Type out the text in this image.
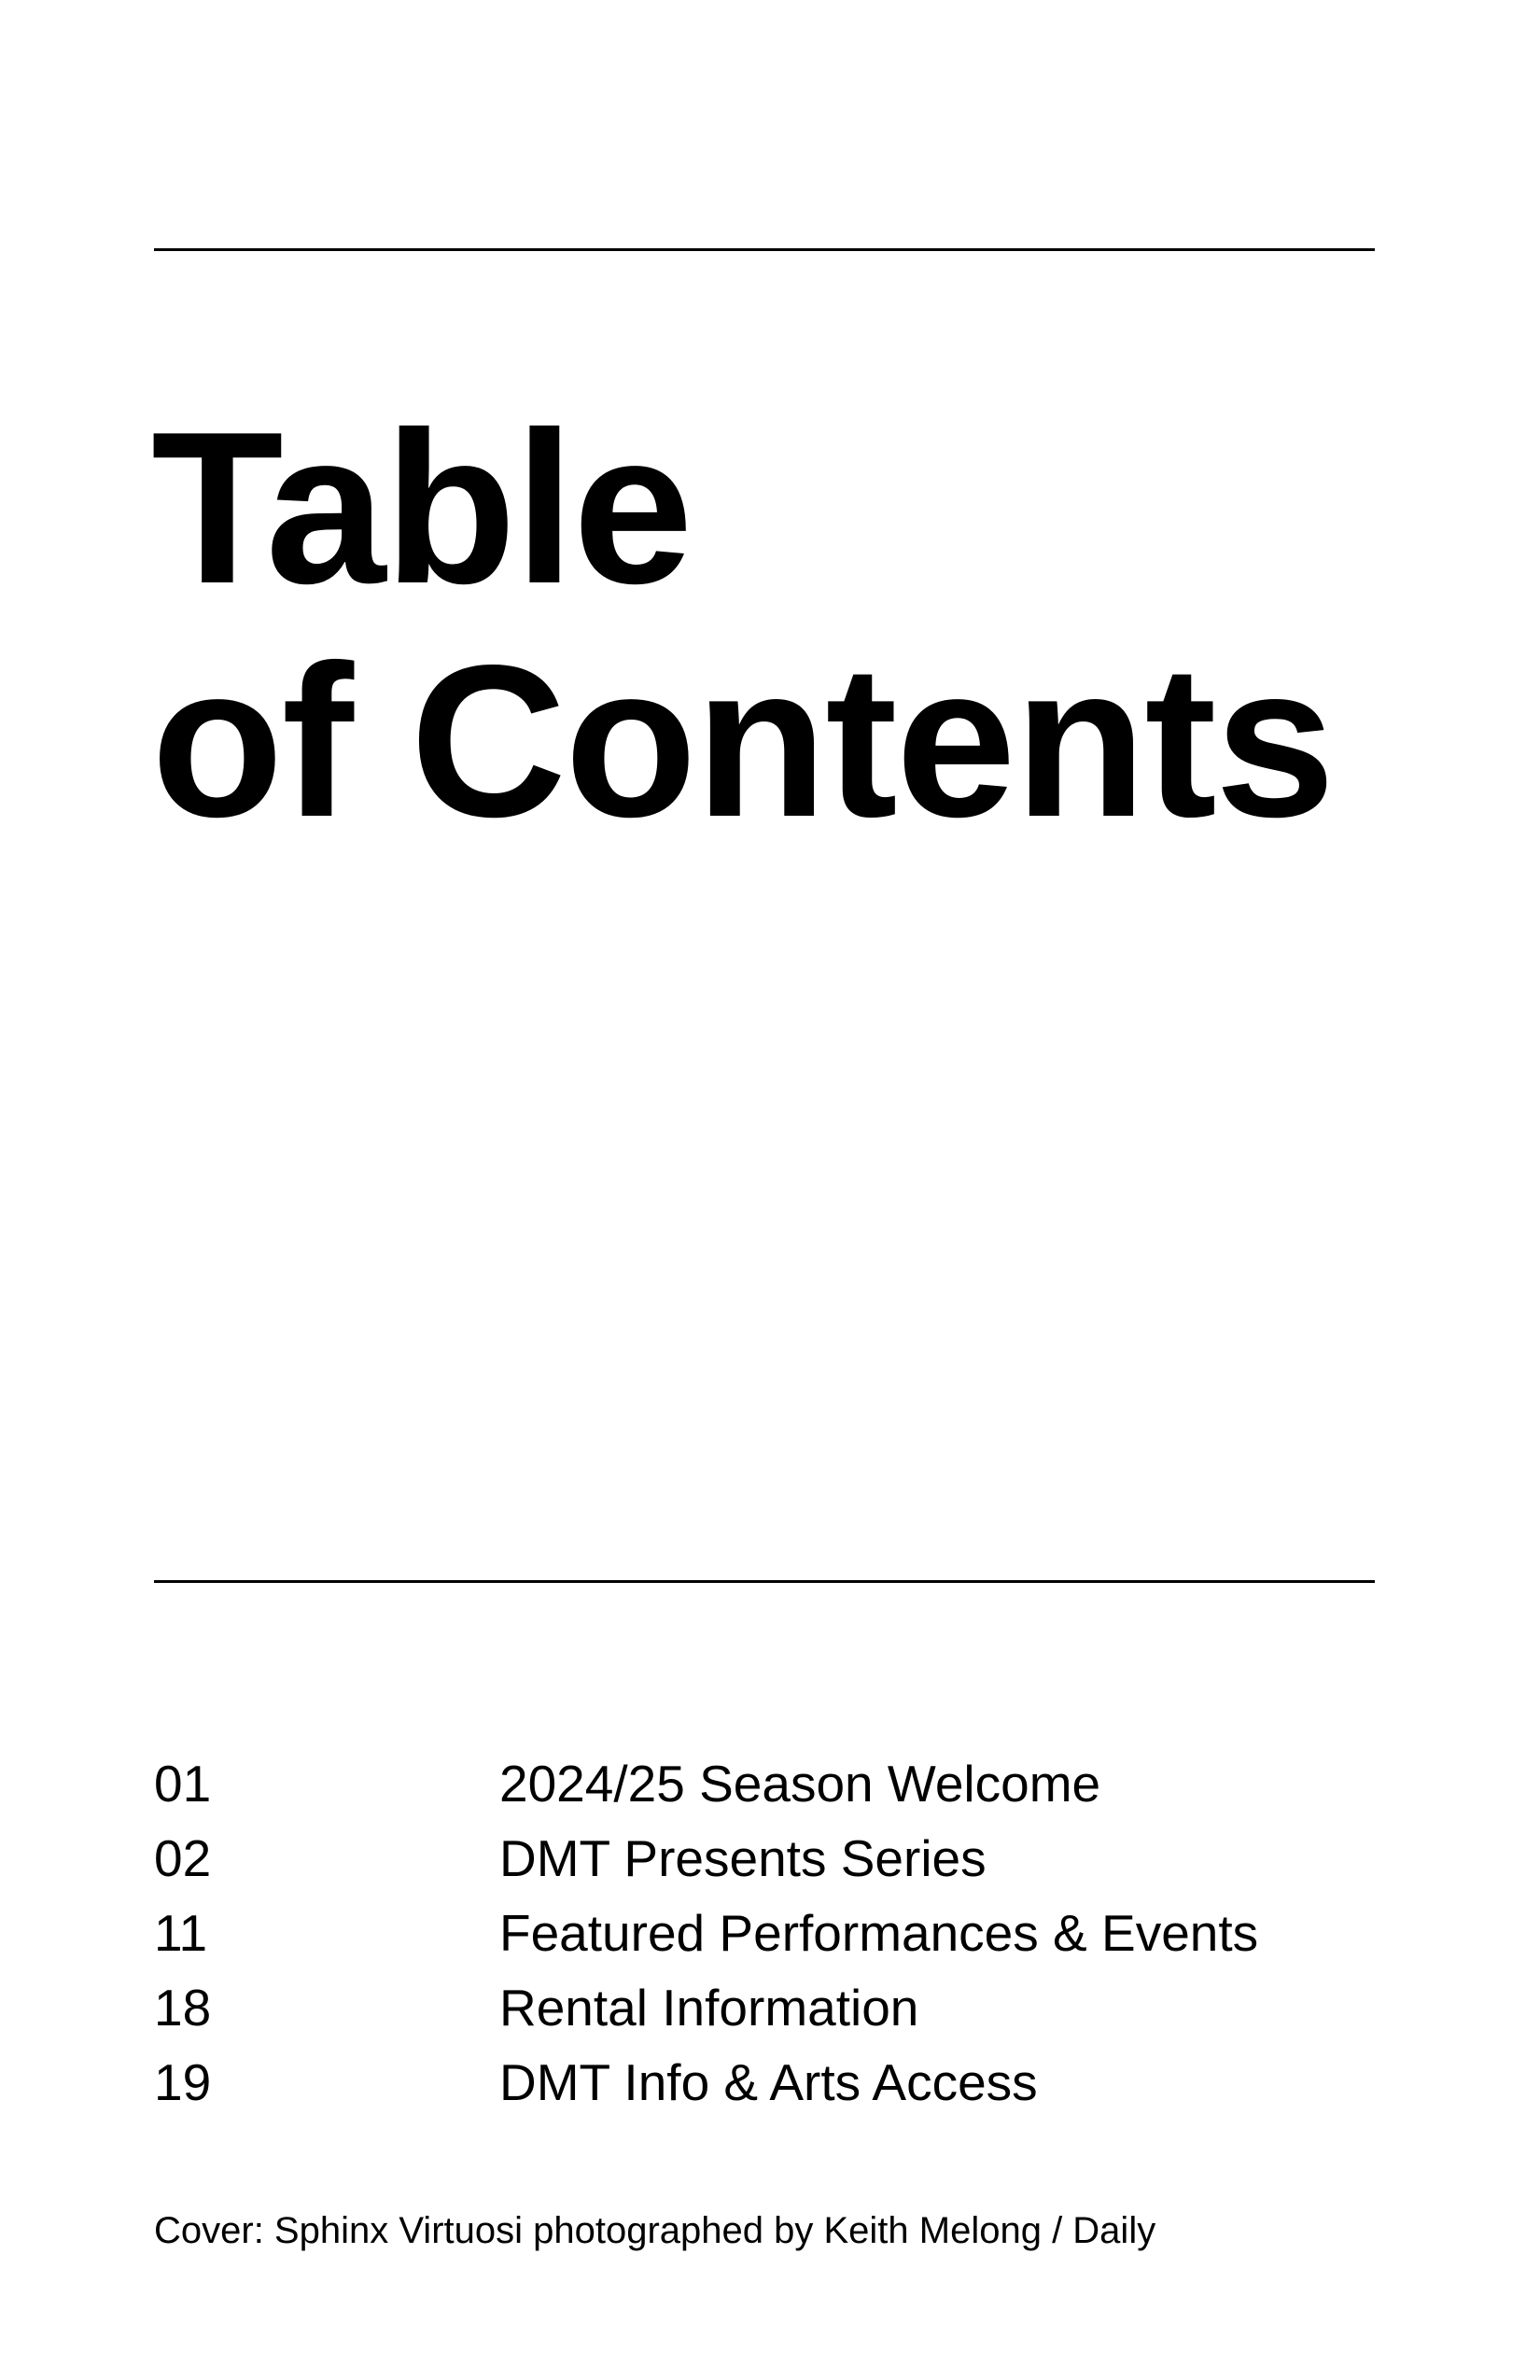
Table
of Contents
01	2024/25 Season Welcome
02	DMT Presents Series
11	Featured Performances & Events
18	Rental Information
19	DMT Info & Arts Access

Cover: Sphinx Virtuosi photographed by Keith Melong / Daily
